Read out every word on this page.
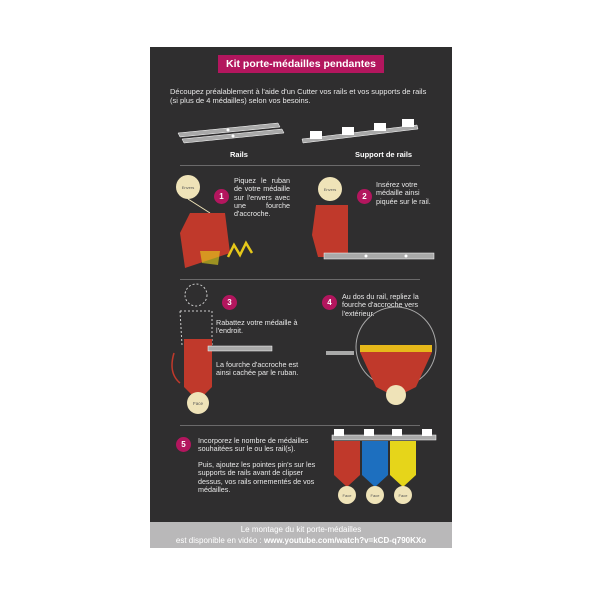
Kit porte-médailles pendantes
Découpez préalablement à l'aide d'un Cutter vos rails et vos supports de rails (si plus de 4 médailles) selon vos besoins.
Rails	Support de rails
Envers
1
Piquez le ruban de votre médaille sur l'envers avec une fourche d'accroche.
Envers
2
Insérez votre médaille ainsi piquée sur le rail.
Face
3
Rabattez votre médaille à l'endroit.
La fourche d'accroche est ainsi cachée par le ruban.
4
Au dos du rail, repliez la fourche d'accroche vers l'extérieur.
5	Incorporez le nombre de médailles souhaitées sur le ou les rail(s).
Puis, ajoutez les pointes pin's sur les supports de rails avant de clipser dessus, vos rails ornementés de vos médailles.
Face	Face	Face
Le montage du kit porte-médailles
est disponible en vidéo : www.youtube.com/watch?v=kCD-q790KXo
